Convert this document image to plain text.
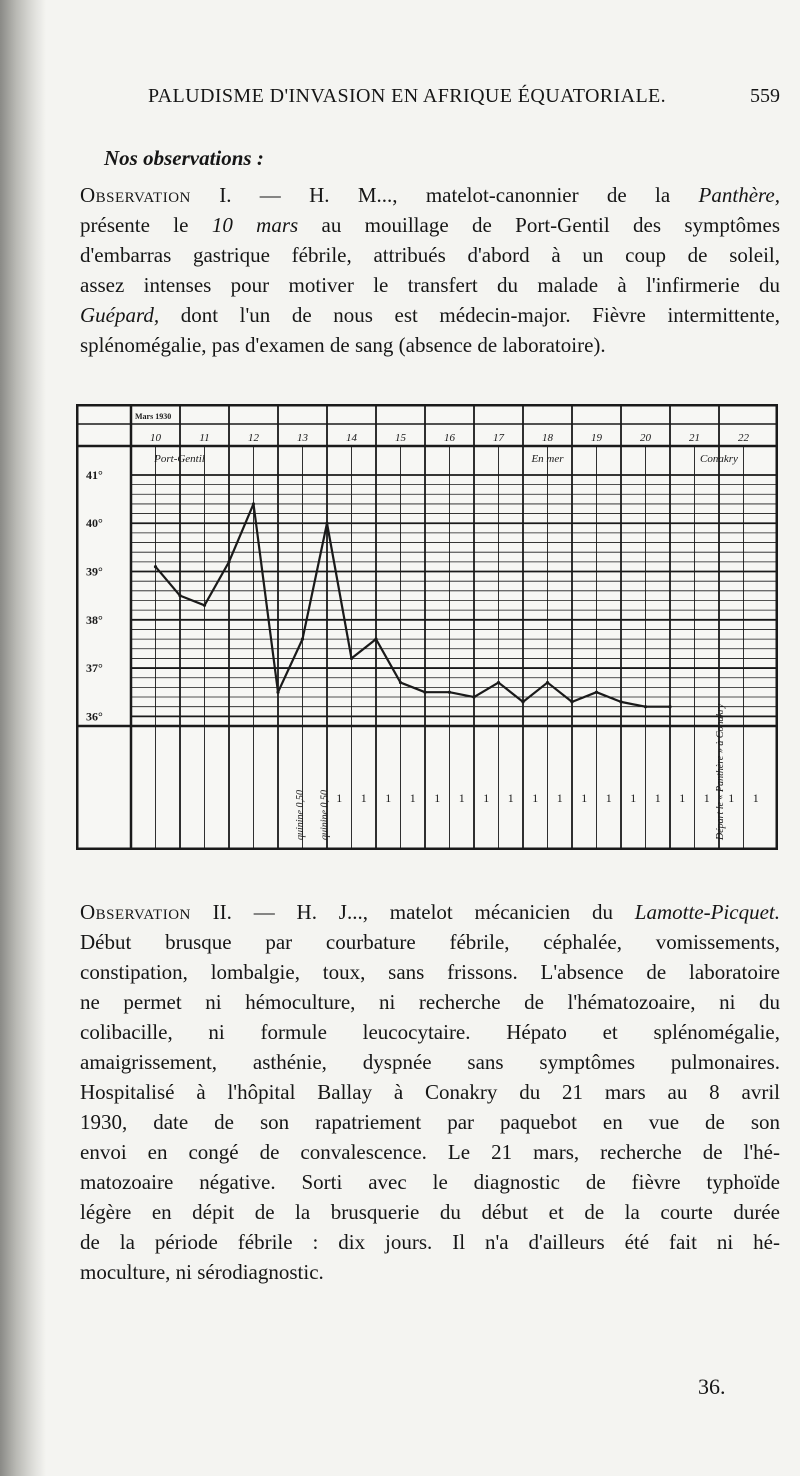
PALUDISME D'INVASION EN AFRIQUE ÉQUATORIALE.	559
Nos observations :
Observation I. — H. M..., matelot-canonnier de la Panthère,
présente le 10 mars au mouillage de Port-Gentil des symptômes
d'embarras gastrique fébrile, attribués d'abord à un coup de soleil,
assez intenses pour motiver le transfert du malade à l'infirmerie du
Guépard, dont l'un de nous est médecin-major. Fièvre intermittente,
splénomégalie, pas d'examen de sang (absence de laboratoire).
10	11	12	13	14	15	16	17	18	19	20	21	22
Mars 1930
41°
40°
39°
38°
37°
36°
Port-Gentil	En mer	Conakry
quinine 0,50 quinine 0,50 1 1 1 1 1 1 1 1 1 1 1 1 1 1 1 1 1 1
Départ le « Panthère » à Conakry
Observation II. — H. J..., matelot mécanicien du Lamotte-Picquet.
Début brusque par courbature fébrile, céphalée, vomissements,
constipation, lombalgie, toux, sans frissons. L'absence de laboratoire
ne permet ni hémoculture, ni recherche de l'hématozoaire, ni du
colibacille, ni formule leucocytaire. Hépato et splénomégalie,
amaigrissement, asthénie, dyspnée sans symptômes pulmonaires.
Hospitalisé à l'hôpital Ballay à Conakry du 21 mars au 8 avril
1930, date de son rapatriement par paquebot en vue de son
envoi en congé de convalescence. Le 21 mars, recherche de l'hé-
matozoaire négative. Sorti avec le diagnostic de fièvre typhoïde
légère en dépit de la brusquerie du début et de la courte durée
de la période fébrile : dix jours. Il n'a d'ailleurs été fait ni hé-
moculture, ni sérodiagnostic.
36.
